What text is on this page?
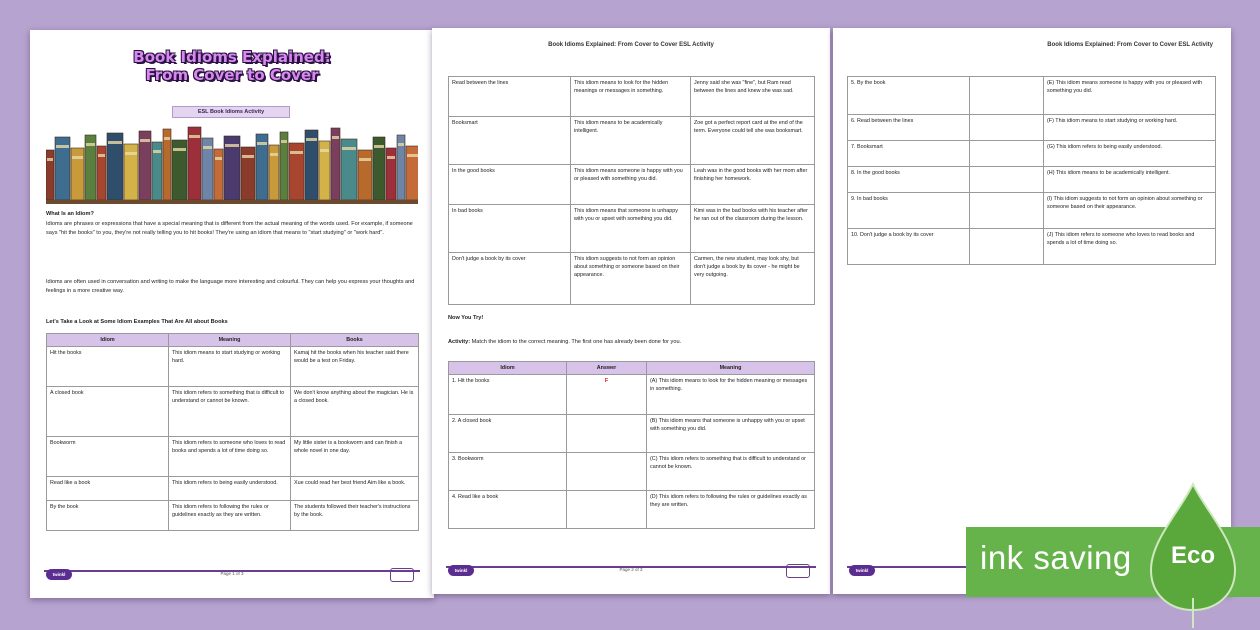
Book Idioms Explained:
From Cover to Cover
ESL Book Idioms Activity
What Is an Idiom?
Idioms are phrases or expressions that have a special meaning that is different from the actual meaning of the words used. For example, if someone says "hit the books" to you, they're not really telling you to hit books! They're using an idiom that means to "start studying" or "work hard".
Idioms are often used in conversation and writing to make the language more interesting and colourful. They can help you express your thoughts and feelings in a more creative way.
Let's Take a Look at Some Idiom Examples That Are All about Books
Idiom	Meaning	Books
Hit the books	This idiom means to start studying or working hard.	Kamaj hit the books when his teacher said there would be a test on Friday.
A closed book	This idiom refers to something that is difficult to understand or cannot be known.	We don't know anything about the magician. He is a closed book.
Bookworm	This idiom refers to someone who loves to read books and spends a lot of time doing so.	My little sister is a bookworm and can finish a whole novel in one day.
Read like a book	This idiom refers to being easily understood.	Xue could read her best friend Aim like a book.
By the book	This idiom refers to following the rules or guidelines exactly as they are written.	The students followed their teacher's instructions by the book.
twinkl	Page 1 of 3
Book Idioms Explained: From Cover to Cover ESL Activity
Read between the lines	This idiom means to look for the hidden meanings or messages in something.	Jenny said she was "fine", but Ram read between the lines and knew she was sad.
Booksmart	This idiom means to be academically intelligent.	Zoe got a perfect report card at the end of the term. Everyone could tell she was booksmart.
In the good books	This idiom means someone is happy with you or pleased with something you did.	Leah was in the good books with her mom after finishing her homework.
In bad books	This idiom means that someone is unhappy with you or upset with something you did.	Kimi was in the bad books with his teacher after he ran out of the classroom during the lesson.
Don't judge a book by its cover	This idiom suggests to not form an opinion about something or someone based on their appearance.	Carmen, the new student, may look shy, but don't judge a book by its cover - he might be very outgoing.
Now You Try!
Activity: Match the idiom to the correct meaning. The first one has already been done for you.
Idiom	Answer	Meaning
1. Hit the books	F	(A) This idiom means to look for the hidden meaning or messages in something.
2. A closed book		(B) This idiom means that someone is unhappy with you or upset with something you did.
3. Bookworm		(C) This idiom refers to something that is difficult to understand or cannot be known.
4. Read like a book		(D) This idiom refers to following the rules or guidelines exactly as they are written.
twinkl	Page 2 of 3
Book Idioms Explained: From Cover to Cover ESL Activity
5. By the book		(E) This idiom means someone is happy with you or pleased with something you did.
6. Read between the lines		(F) This idiom means to start studying or working hard.
7. Booksmart		(G) This idiom refers to being easily understood.
8. In the good books		(H) This idiom means to be academically intelligent.
9. In bad books		(I) This idiom suggests to not form an opinion about something or someone based on their appearance.
10. Don't judge a book by its cover		(J) This idiom refers to someone who loves to read books and spends a lot of time doing so.
twinkl	ink saving	Eco
